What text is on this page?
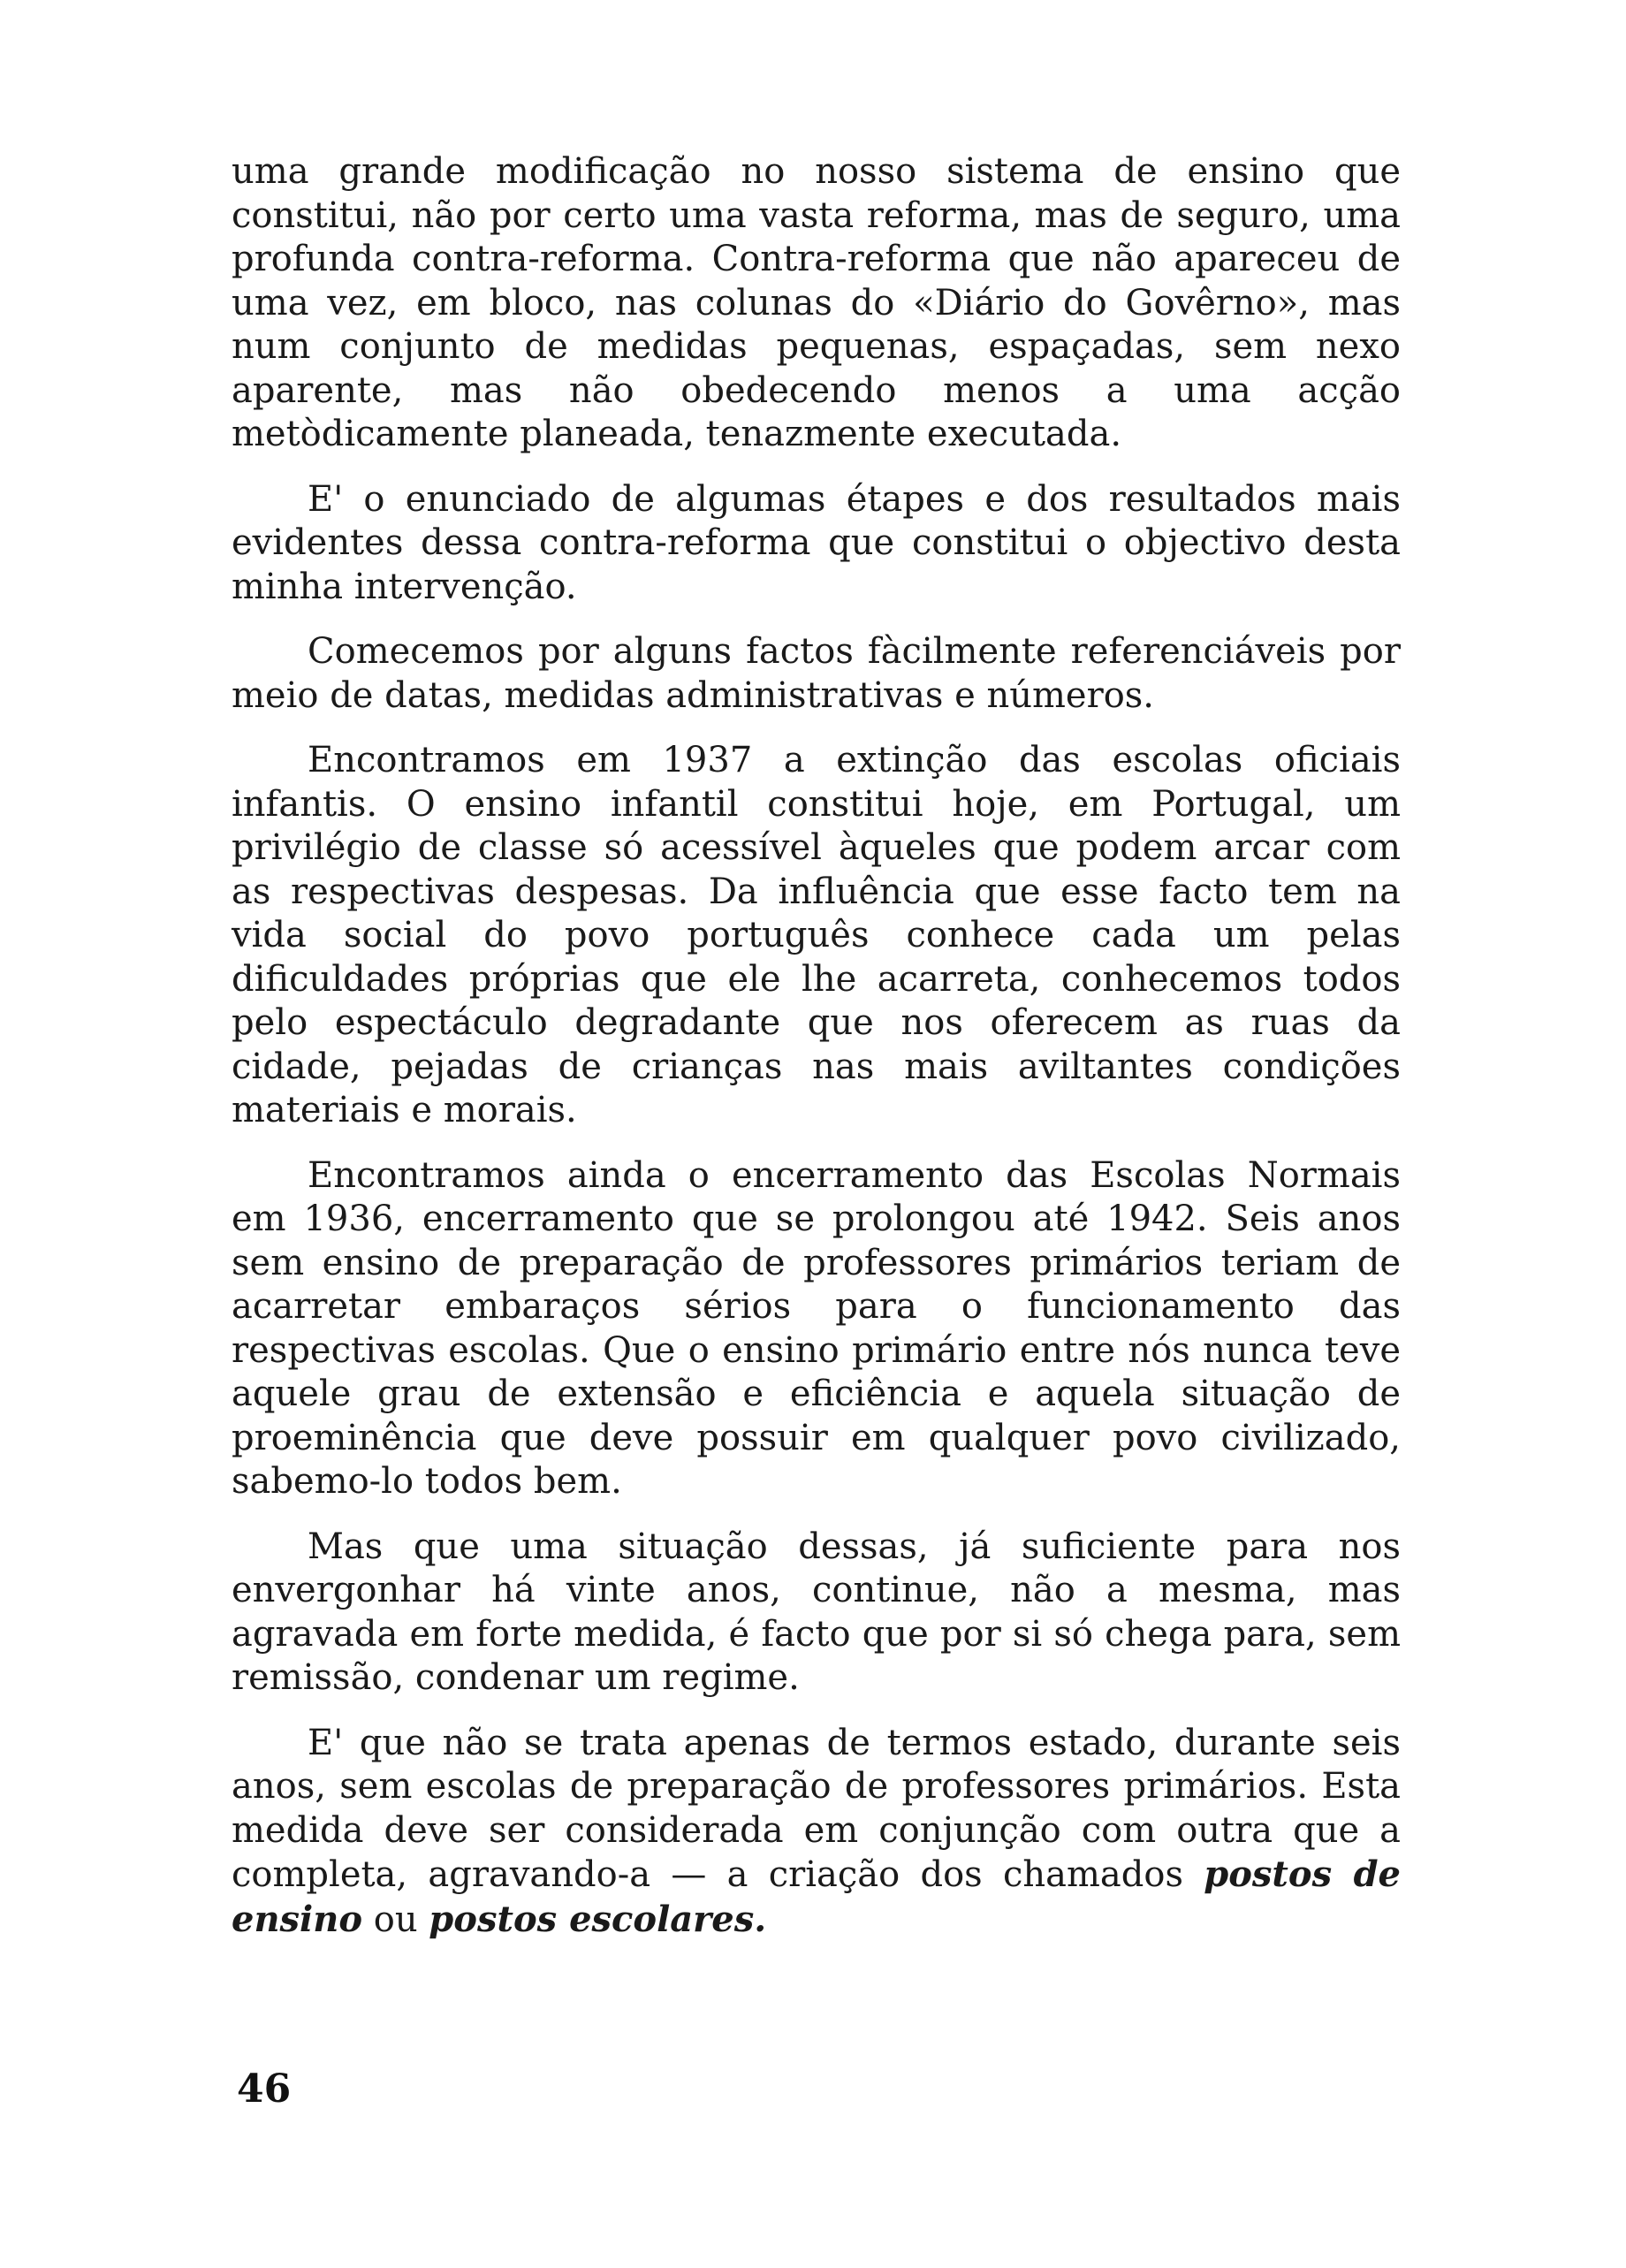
uma grande modificação no nosso sistema de ensino que constitui, não por certo uma vasta reforma, mas de seguro, uma profunda contra-reforma. Contra-reforma que não apareceu de uma vez, em bloco, nas colunas do «Diário do Govêrno», mas num conjunto de medidas pequenas, espaçadas, sem nexo aparente, mas não obedecendo menos a uma acção metòdicamente planeada, tenazmente executada.

E' o enunciado de algumas étapes e dos resultados mais evidentes dessa contra-reforma que constitui o objectivo desta minha intervenção.

Comecemos por alguns factos fàcilmente referenciáveis por meio de datas, medidas administrativas e números.

Encontramos em 1937 a extinção das escolas oficiais infantis. O ensino infantil constitui hoje, em Portugal, um privilégio de classe só acessível àqueles que podem arcar com as respectivas despesas. Da influência que esse facto tem na vida social do povo português conhece cada um pelas dificuldades próprias que ele lhe acarreta, conhecemos todos pelo espectáculo degradante que nos oferecem as ruas da cidade, pejadas de crianças nas mais aviltantes condições materiais e morais.

Encontramos ainda o encerramento das Escolas Normais em 1936, encerramento que se prolongou até 1942. Seis anos sem ensino de preparação de professores primários teriam de acarretar embaraços sérios para o funcionamento das respectivas escolas. Que o ensino primário entre nós nunca teve aquele grau de extensão e eficiência e aquela situação de proeminência que deve possuir em qualquer povo civilizado, sabemo-lo todos bem.

Mas que uma situação dessas, já suficiente para nos envergonhar há vinte anos, continue, não a mesma, mas agravada em forte medida, é facto que por si só chega para, sem remissão, condenar um regime.

E' que não se trata apenas de termos estado, durante seis anos, sem escolas de preparação de professores primários. Esta medida deve ser considerada em conjunção com outra que a completa, agravando-a — a criação dos chamados postos de ensino ou postos escolares.

46
